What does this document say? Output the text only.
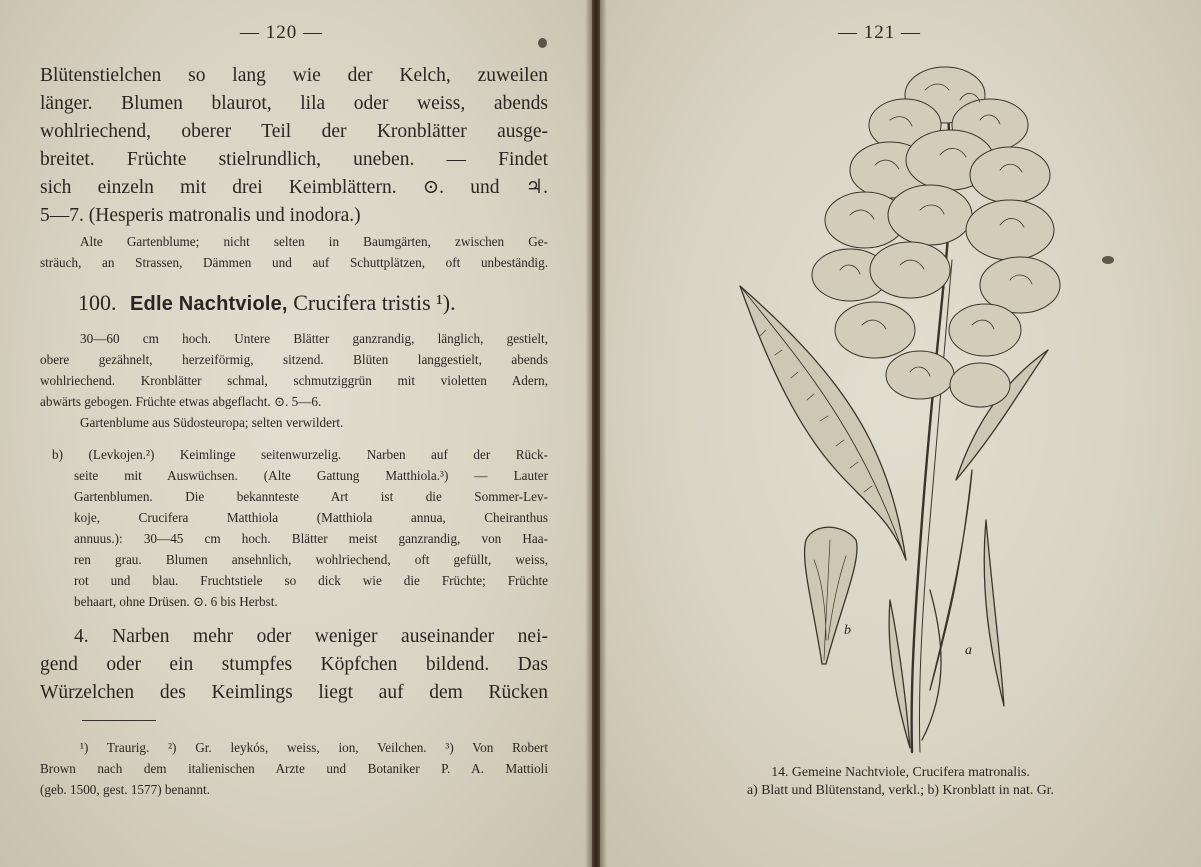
— 120 —
Blütenstielchen so lang wie der Kelch, zuweilen
länger. Blumen blaurot, lila oder weiss, abends
wohlriechend, oberer Teil der Kronblätter ausge-
breitet. Früchte stielrundlich, uneben. — Findet
sich einzeln mit drei Keimblättern. ⊙. und ♃.
5—7. (Hesperis matronalis und inodora.)
Alte Gartenblume; nicht selten in Baumgärten, zwischen Ge-
sträuch, an Strassen, Dämmen und auf Schuttplätzen, oft unbeständig.
100. Edle Nachtviole, Crucifera tristis ¹).
30—60 cm hoch. Untere Blätter ganzrandig, länglich, gestielt,
obere gezähnelt, herzeiförmig, sitzend. Blüten langgestielt, abends
wohlriechend. Kronblätter schmal, schmutziggrün mit violetten Adern,
abwärts gebogen. Früchte etwas abgeflacht. ⊙. 5—6.
Gartenblume aus Südosteuropa; selten verwildert.
b) (Levkojen.²) Keimlinge seitenwurzelig. Narben auf der Rück-
seite mit Auswüchsen. (Alte Gattung Matthiola.³) — Lauter
Gartenblumen. Die bekannteste Art ist die Sommer-Lev-
koje, Crucifera Matthiola (Matthiola annua, Cheiranthus
annuus.): 30—45 cm hoch. Blätter meist ganzrandig, von Haa-
ren grau. Blumen ansehnlich, wohlriechend, oft gefüllt, weiss,
rot und blau. Fruchtstiele so dick wie die Früchte; Früchte
behaart, ohne Drüsen. ⊙. 6 bis Herbst.
4. Narben mehr oder weniger auseinander nei-
gend oder ein stumpfes Köpfchen bildend. Das
Würzelchen des Keimlings liegt auf dem Rücken
¹) Traurig. ²) Gr. leykós, weiss, ion, Veilchen. ³) Von Robert
Brown nach dem italienischen Arzte und Botaniker P. A. Mattioli
(geb. 1500, gest. 1577) benannt.
— 121 —
b
a
14. Gemeine Nachtviole, Crucifera matronalis.
a) Blatt und Blütenstand, verkl.; b) Kronblatt in nat. Gr.
